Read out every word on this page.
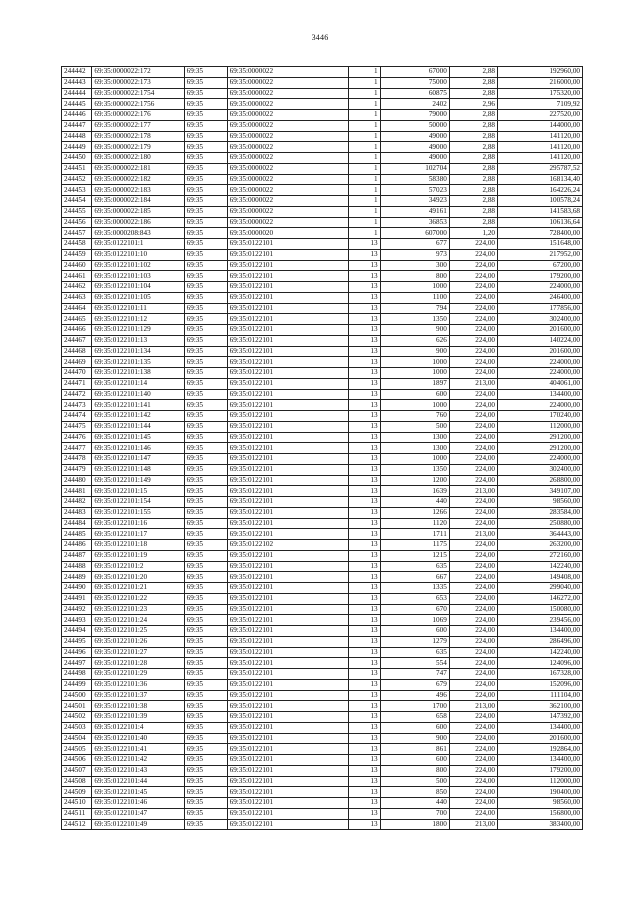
3446
244442	69:35:0000022:172	69:35	69:35:0000022	1	67000	2,88	192960,00
244443	69:35:0000022:173	69:35	69:35:0000022	1	75000	2,88	216000,00
244444	69:35:0000022:1754	69:35	69:35:0000022	1	60875	2,88	175320,00
244445	69:35:0000022:1756	69:35	69:35:0000022	1	2402	2,96	7109,92
244446	69:35:0000022:176	69:35	69:35:0000022	1	79000	2,88	227520,00
244447	69:35:0000022:177	69:35	69:35:0000022	1	50000	2,88	144000,00
244448	69:35:0000022:178	69:35	69:35:0000022	1	49000	2,88	141120,00
244449	69:35:0000022:179	69:35	69:35:0000022	1	49000	2,88	141120,00
244450	69:35:0000022:180	69:35	69:35:0000022	1	49000	2,88	141120,00
244451	69:35:0000022:181	69:35	69:35:0000022	1	102704	2,88	295787,52
244452	69:35:0000022:182	69:35	69:35:0000022	1	58380	2,88	168134,40
244453	69:35:0000022:183	69:35	69:35:0000022	1	57023	2,88	164226,24
244454	69:35:0000022:184	69:35	69:35:0000022	1	34923	2,88	100578,24
244455	69:35:0000022:185	69:35	69:35:0000022	1	49161	2,88	141583,68
244456	69:35:0000022:186	69:35	69:35:0000022	1	36853	2,88	106136,64
244457	69:35:0000208:843	69:35	69:35:0000020	1	607000	1,20	728400,00
244458	69:35:0122101:1	69:35	69:35:0122101	13	677	224,00	151648,00
244459	69:35:0122101:10	69:35	69:35:0122101	13	973	224,00	217952,00
244460	69:35:0122101:102	69:35	69:35:0122101	13	300	224,00	67200,00
244461	69:35:0122101:103	69:35	69:35:0122101	13	800	224,00	179200,00
244462	69:35:0122101:104	69:35	69:35:0122101	13	1000	224,00	224000,00
244463	69:35:0122101:105	69:35	69:35:0122101	13	1100	224,00	246400,00
244464	69:35:0122101:11	69:35	69:35:0122101	13	794	224,00	177856,00
244465	69:35:0122101:12	69:35	69:35:0122101	13	1350	224,00	302400,00
244466	69:35:0122101:129	69:35	69:35:0122101	13	900	224,00	201600,00
244467	69:35:0122101:13	69:35	69:35:0122101	13	626	224,00	140224,00
244468	69:35:0122101:134	69:35	69:35:0122101	13	900	224,00	201600,00
244469	69:35:0122101:135	69:35	69:35:0122101	13	1000	224,00	224000,00
244470	69:35:0122101:138	69:35	69:35:0122101	13	1000	224,00	224000,00
244471	69:35:0122101:14	69:35	69:35:0122101	13	1897	213,00	404061,00
244472	69:35:0122101:140	69:35	69:35:0122101	13	600	224,00	134400,00
244473	69:35:0122101:141	69:35	69:35:0122101	13	1000	224,00	224000,00
244474	69:35:0122101:142	69:35	69:35:0122101	13	760	224,00	170240,00
244475	69:35:0122101:144	69:35	69:35:0122101	13	500	224,00	112000,00
244476	69:35:0122101:145	69:35	69:35:0122101	13	1300	224,00	291200,00
244477	69:35:0122101:146	69:35	69:35:0122101	13	1300	224,00	291200,00
244478	69:35:0122101:147	69:35	69:35:0122101	13	1000	224,00	224000,00
244479	69:35:0122101:148	69:35	69:35:0122101	13	1350	224,00	302400,00
244480	69:35:0122101:149	69:35	69:35:0122101	13	1200	224,00	268800,00
244481	69:35:0122101:15	69:35	69:35:0122101	13	1639	213,00	349107,00
244482	69:35:0122101:154	69:35	69:35:0122101	13	440	224,00	98560,00
244483	69:35:0122101:155	69:35	69:35:0122101	13	1266	224,00	283584,00
244484	69:35:0122101:16	69:35	69:35:0122101	13	1120	224,00	250880,00
244485	69:35:0122101:17	69:35	69:35:0122101	13	1711	213,00	364443,00
244486	69:35:0122101:18	69:35	69:35:0122102	13	1175	224,00	263200,00
244487	69:35:0122101:19	69:35	69:35:0122101	13	1215	224,00	272160,00
244488	69:35:0122101:2	69:35	69:35:0122101	13	635	224,00	142240,00
244489	69:35:0122101:20	69:35	69:35:0122101	13	667	224,00	149408,00
244490	69:35:0122101:21	69:35	69:35:0122101	13	1335	224,00	299040,00
244491	69:35:0122101:22	69:35	69:35:0122101	13	653	224,00	146272,00
244492	69:35:0122101:23	69:35	69:35:0122101	13	670	224,00	150080,00
244493	69:35:0122101:24	69:35	69:35:0122101	13	1069	224,00	239456,00
244494	69:35:0122101:25	69:35	69:35:0122101	13	600	224,00	134400,00
244495	69:35:0122101:26	69:35	69:35:0122101	13	1279	224,00	286496,00
244496	69:35:0122101:27	69:35	69:35:0122101	13	635	224,00	142240,00
244497	69:35:0122101:28	69:35	69:35:0122101	13	554	224,00	124096,00
244498	69:35:0122101:29	69:35	69:35:0122101	13	747	224,00	167328,00
244499	69:35:0122101:36	69:35	69:35:0122101	13	679	224,00	152096,00
244500	69:35:0122101:37	69:35	69:35:0122101	13	496	224,00	111104,00
244501	69:35:0122101:38	69:35	69:35:0122101	13	1700	213,00	362100,00
244502	69:35:0122101:39	69:35	69:35:0122101	13	658	224,00	147392,00
244503	69:35:0122101:4	69:35	69:35:0122101	13	600	224,00	134400,00
244504	69:35:0122101:40	69:35	69:35:0122101	13	900	224,00	201600,00
244505	69:35:0122101:41	69:35	69:35:0122101	13	861	224,00	192864,00
244506	69:35:0122101:42	69:35	69:35:0122101	13	600	224,00	134400,00
244507	69:35:0122101:43	69:35	69:35:0122101	13	800	224,00	179200,00
244508	69:35:0122101:44	69:35	69:35:0122101	13	500	224,00	112000,00
244509	69:35:0122101:45	69:35	69:35:0122101	13	850	224,00	190400,00
244510	69:35:0122101:46	69:35	69:35:0122101	13	440	224,00	98560,00
244511	69:35:0122101:47	69:35	69:35:0122101	13	700	224,00	156800,00
244512	69:35:0122101:49	69:35	69:35:0122101	13	1800	213,00	383400,00
